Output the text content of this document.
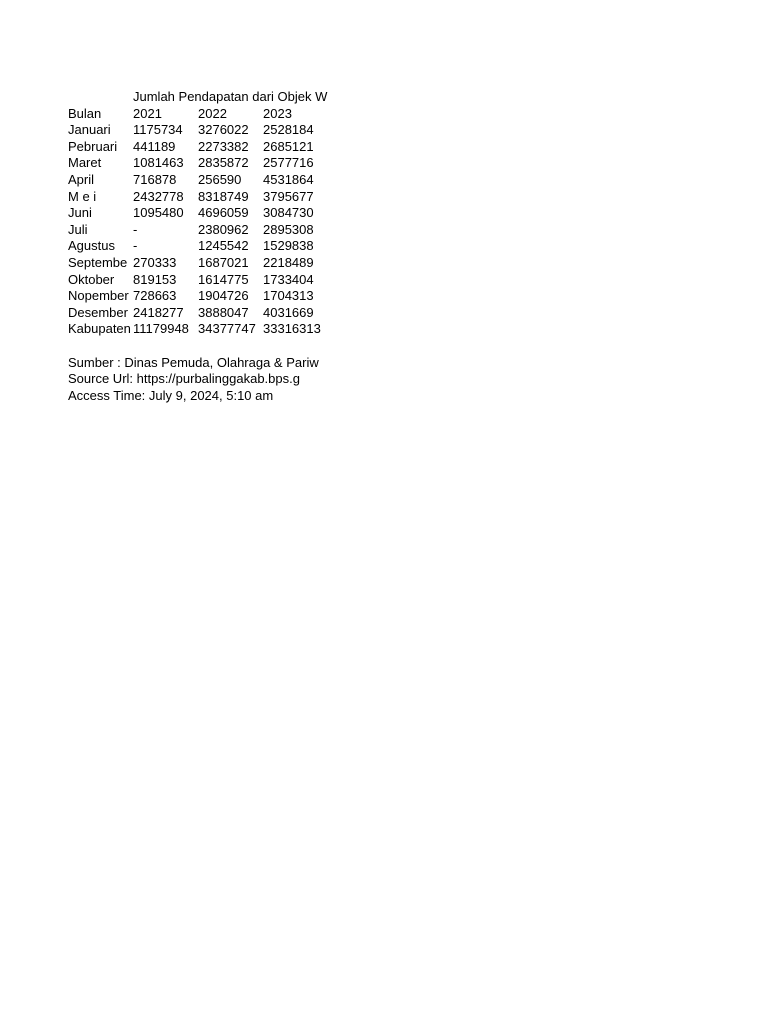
Jumlah Pendapatan dari Objek W
Bulan	2021	2022	2023
Januari	1175734	3276022	2528184
Pebruari	441189	2273382	2685121
Maret	1081463	2835872	2577716
April	716878	256590	4531864
M e i	2432778	8318749	3795677
Juni	1095480	4696059	3084730
Juli	-	2380962	2895308
Agustus	-	1245542	1529838
Septembe 270333	1687021	2218489
Oktober	819153	1614775	1733404
Nopember 728663	1904726	1704313
Desember 2418277	3888047	4031669
Kabupaten 11179948 34377747 33316313
Sumber : Dinas Pemuda, Olahraga & Pariw
Source Url: https://purbalinggakab.bps.g
Access Time: July 9, 2024, 5:10 am
